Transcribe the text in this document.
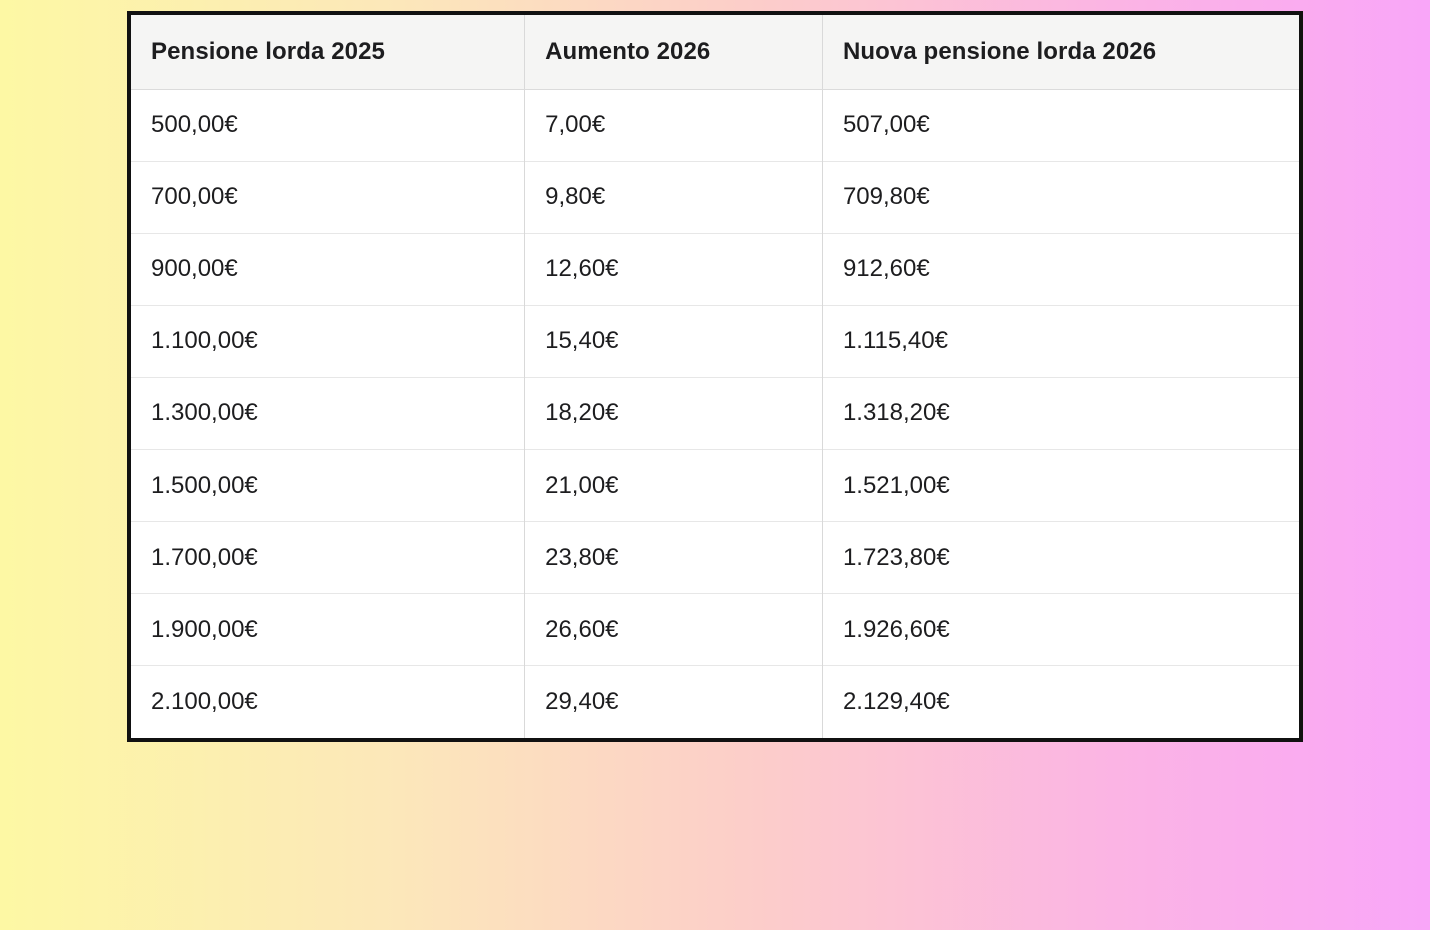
Pensione lorda 2025	Aumento 2026	Nuova pensione lorda 2026
500,00€	7,00€	507,00€
700,00€	9,80€	709,80€
900,00€	12,60€	912,60€
1.100,00€	15,40€	1.115,40€
1.300,00€	18,20€	1.318,20€
1.500,00€	21,00€	1.521,00€
1.700,00€	23,80€	1.723,80€
1.900,00€	26,60€	1.926,60€
2.100,00€	29,40€	2.129,40€
